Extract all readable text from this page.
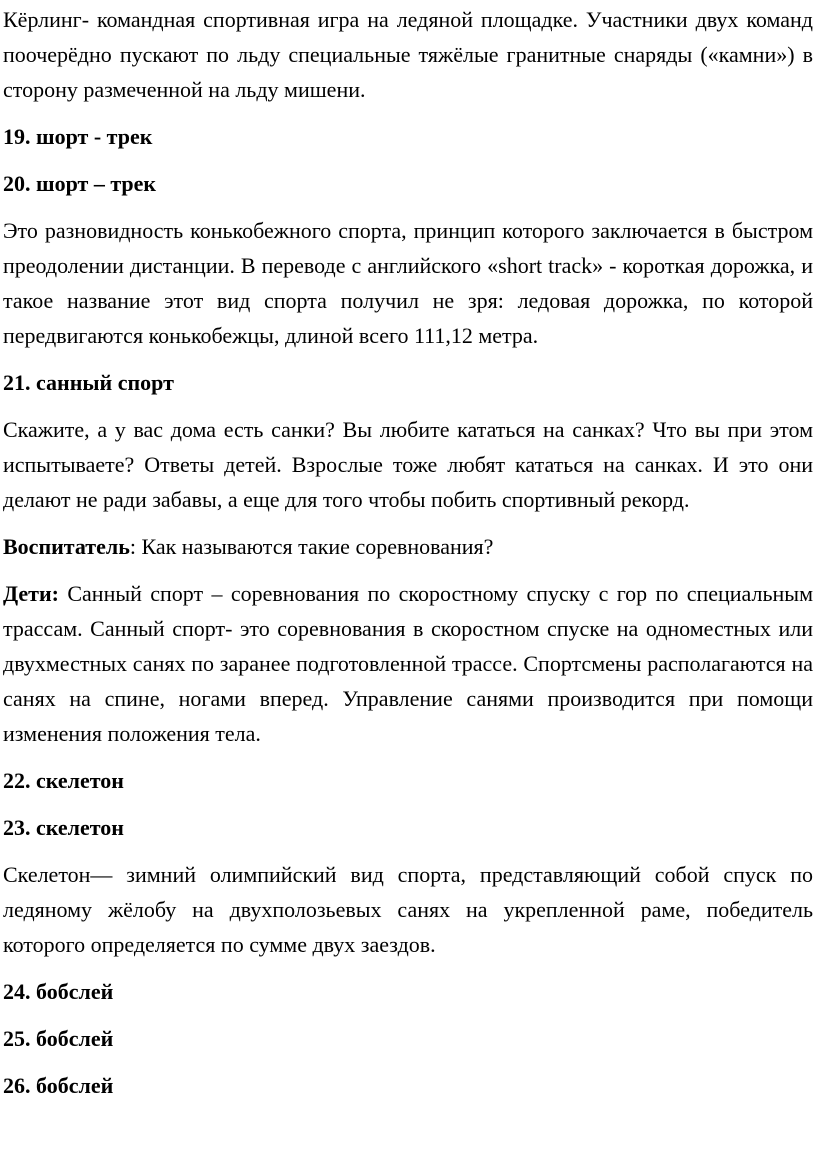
Кёрлинг- командная спортивная игра на ледяной площадке. Участники двух команд поочерёдно пускают по льду специальные тяжёлые гранитные снаряды («камни») в сторону размеченной на льду мишени.

19. шорт - трек

20. шорт – трек

Это разновидность конькобежного спорта, принцип которого заключается в быстром преодолении дистанции. В переводе с английского «short track» - короткая дорожка, и такое название этот вид спорта получил не зря: ледовая дорожка, по которой передвигаются конькобежцы, длиной всего 111,12 метра.

21. санный спорт

Скажите, а у вас дома есть санки? Вы любите кататься на санках? Что вы при этом испытываете? Ответы детей. Взрослые тоже любят кататься на санках. И это они делают не ради забавы, а еще для того чтобы побить спортивный рекорд.

Воспитатель: Как называются такие соревнования?

Дети: Санный спорт – соревнования по скоростному спуску с гор по специальным трассам. Санный спорт- это соревнования в скоростном спуске на одноместных или двухместных санях по заранее подготовленной трассе. Спортсмены располагаются на санях на спине, ногами вперед. Управление санями производится при помощи изменения положения тела.

22. скелетон

23. скелетон

Скелетон— зимний олимпийский вид спорта, представляющий собой спуск по ледяному жёлобу на двухполозьевых санях на укрепленной раме, победитель которого определяется по сумме двух заездов.

24. бобслей

25. бобслей

26. бобслей
